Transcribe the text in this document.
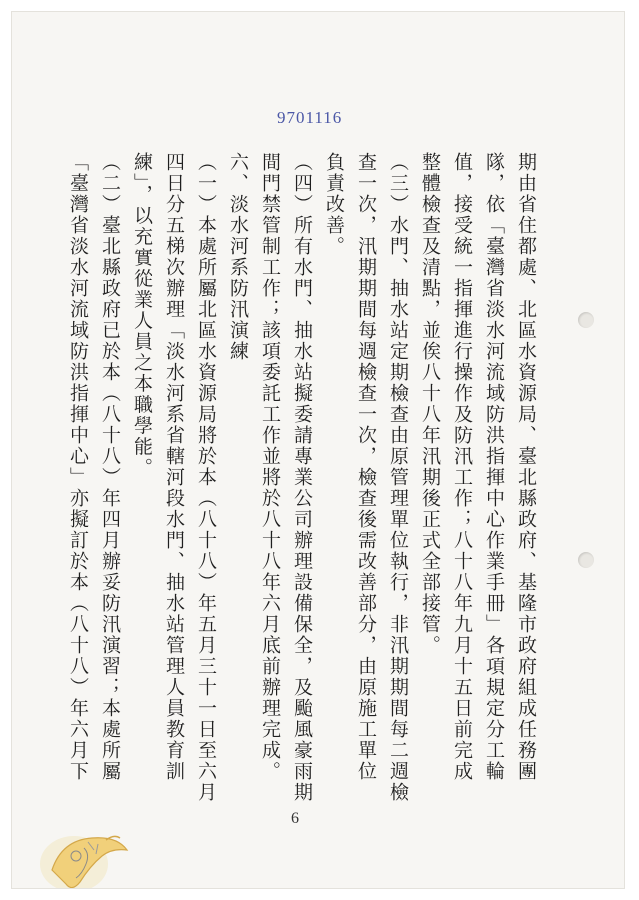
9701116
期由省住都處、北區水資源局、臺北縣政府、基隆市政府組成任務團
隊，依「臺灣省淡水河流域防洪指揮中心作業手冊」各項規定分工輪
值，接受統一指揮進行操作及防汛工作；八十八年九月十五日前完成
整體檢查及清點，並俟八十八年汛期後正式全部接管。
（三）水門、抽水站定期檢查由原管理單位執行，非汛期期間每二週檢
查一次，汛期期間每週檢查一次，檢查後需改善部分，由原施工單位
負責改善。
（四）所有水門、抽水站擬委請專業公司辦理設備保全，及颱風豪雨期
間門禁管制工作；該項委託工作並將於八十八年六月底前辦理完成。
六、淡水河系防汛演練
（一）本處所屬北區水資源局將於本（八十八）年五月三十一日至六月
四日分五梯次辦理「淡水河系省轄河段水門、抽水站管理人員教育訓
練」，以充實從業人員之本職學能。
（二）臺北縣政府已於本（八十八）年四月辦妥防汛演習；本處所屬
「臺灣省淡水河流域防洪指揮中心」亦擬訂於本（八十八）年六月下
6
